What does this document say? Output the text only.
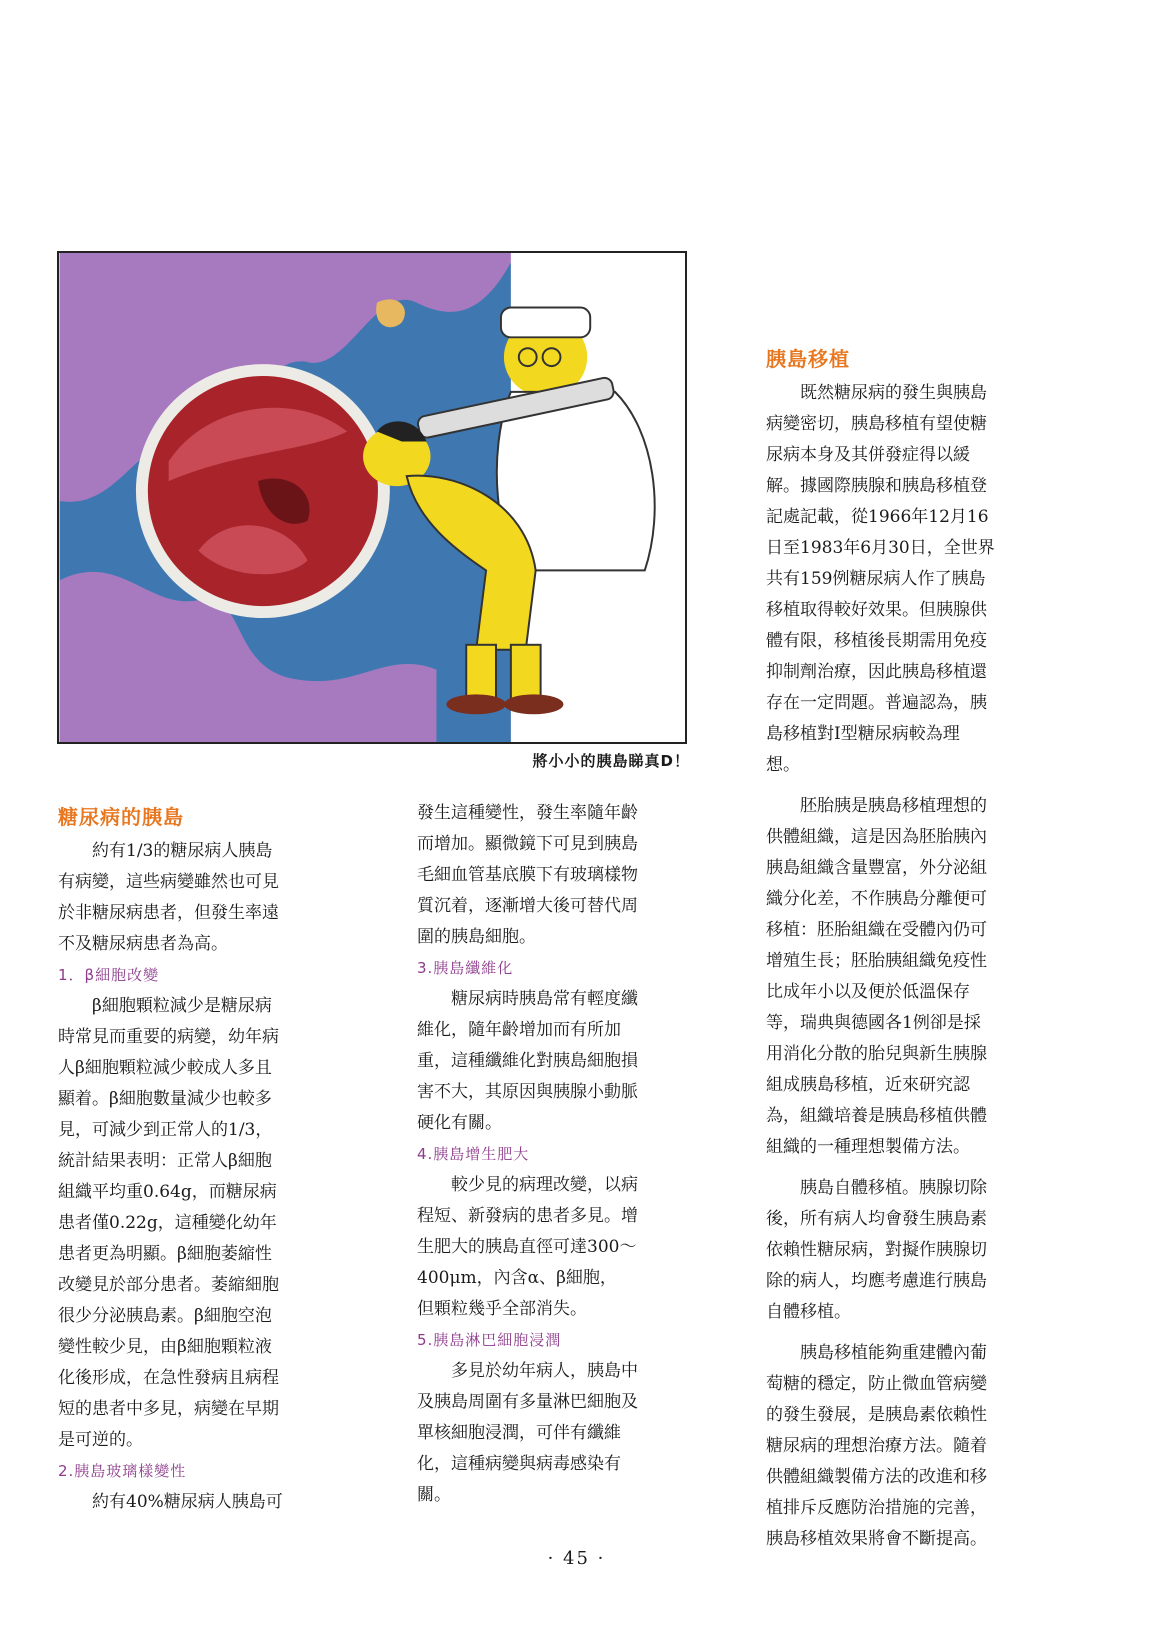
將小小的胰島睇真D！
糖尿病的胰島
約有1/3的糖尿病人胰島
有病變，這些病變雖然也可見
於非糖尿病患者，但發生率遠
不及糖尿病患者為高。
1．β細胞改變
β細胞顆粒減少是糖尿病
時常見而重要的病變，幼年病
人β細胞顆粒減少較成人多且
顯着。β細胞數量減少也較多
見，可減少到正常人的1/3，
統計結果表明：正常人β細胞
組織平均重0.64g，而糖尿病
患者僅0.22g，這種變化幼年
患者更為明顯。β細胞萎縮性
改變見於部分患者。萎縮細胞
很少分泌胰島素。β細胞空泡
變性較少見，由β細胞顆粒液
化後形成，在急性發病且病程
短的患者中多見，病變在早期
是可逆的。
2.胰島玻璃樣變性
約有40%糖尿病人胰島可
發生這種變性，發生率隨年齡
而增加。顯微鏡下可見到胰島
毛細血管基底膜下有玻璃樣物
質沉着，逐漸增大後可替代周
圍的胰島細胞。
3.胰島纖維化
糖尿病時胰島常有輕度纖
維化，隨年齡增加而有所加
重，這種纖維化對胰島細胞損
害不大，其原因與胰腺小動脈
硬化有關。
4.胰島增生肥大
較少見的病理改變，以病
程短、新發病的患者多見。增
生肥大的胰島直徑可達300～
400μm，內含α、β細胞，
但顆粒幾乎全部消失。
5.胰島淋巴細胞浸潤
多見於幼年病人，胰島中
及胰島周圍有多量淋巴細胞及
單核細胞浸潤，可伴有纖維
化，這種病變與病毒感染有
關。
胰島移植
既然糖尿病的發生與胰島
病變密切，胰島移植有望使糖
尿病本身及其併發症得以緩
解。據國際胰腺和胰島移植登
記處記載，從1966年12月16
日至1983年6月30日，全世界
共有159例糖尿病人作了胰島
移植取得較好效果。但胰腺供
體有限，移植後長期需用免疫
抑制劑治療，因此胰島移植還
存在一定問題。普遍認為，胰
島移植對I型糖尿病較為理
想。
胚胎胰是胰島移植理想的
供體組織，這是因為胚胎胰內
胰島組織含量豐富，外分泌組
織分化差，不作胰島分離便可
移植：胚胎組織在受體內仍可
增殖生長；胚胎胰組織免疫性
比成年小以及便於低溫保存
等，瑞典與德國各1例卻是採
用消化分散的胎兒與新生胰腺
組成胰島移植，近來研究認
為，組織培養是胰島移植供體
組織的一種理想製備方法。
胰島自體移植。胰腺切除
後，所有病人均會發生胰島素
依賴性糖尿病，對擬作胰腺切
除的病人，均應考慮進行胰島
自體移植。
胰島移植能夠重建體內葡
萄糖的穩定，防止微血管病變
的發生發展，是胰島素依賴性
糖尿病的理想治療方法。隨着
供體組織製備方法的改進和移
植排斥反應防治措施的完善，
胰島移植效果將會不斷提高。
· 45 ·
